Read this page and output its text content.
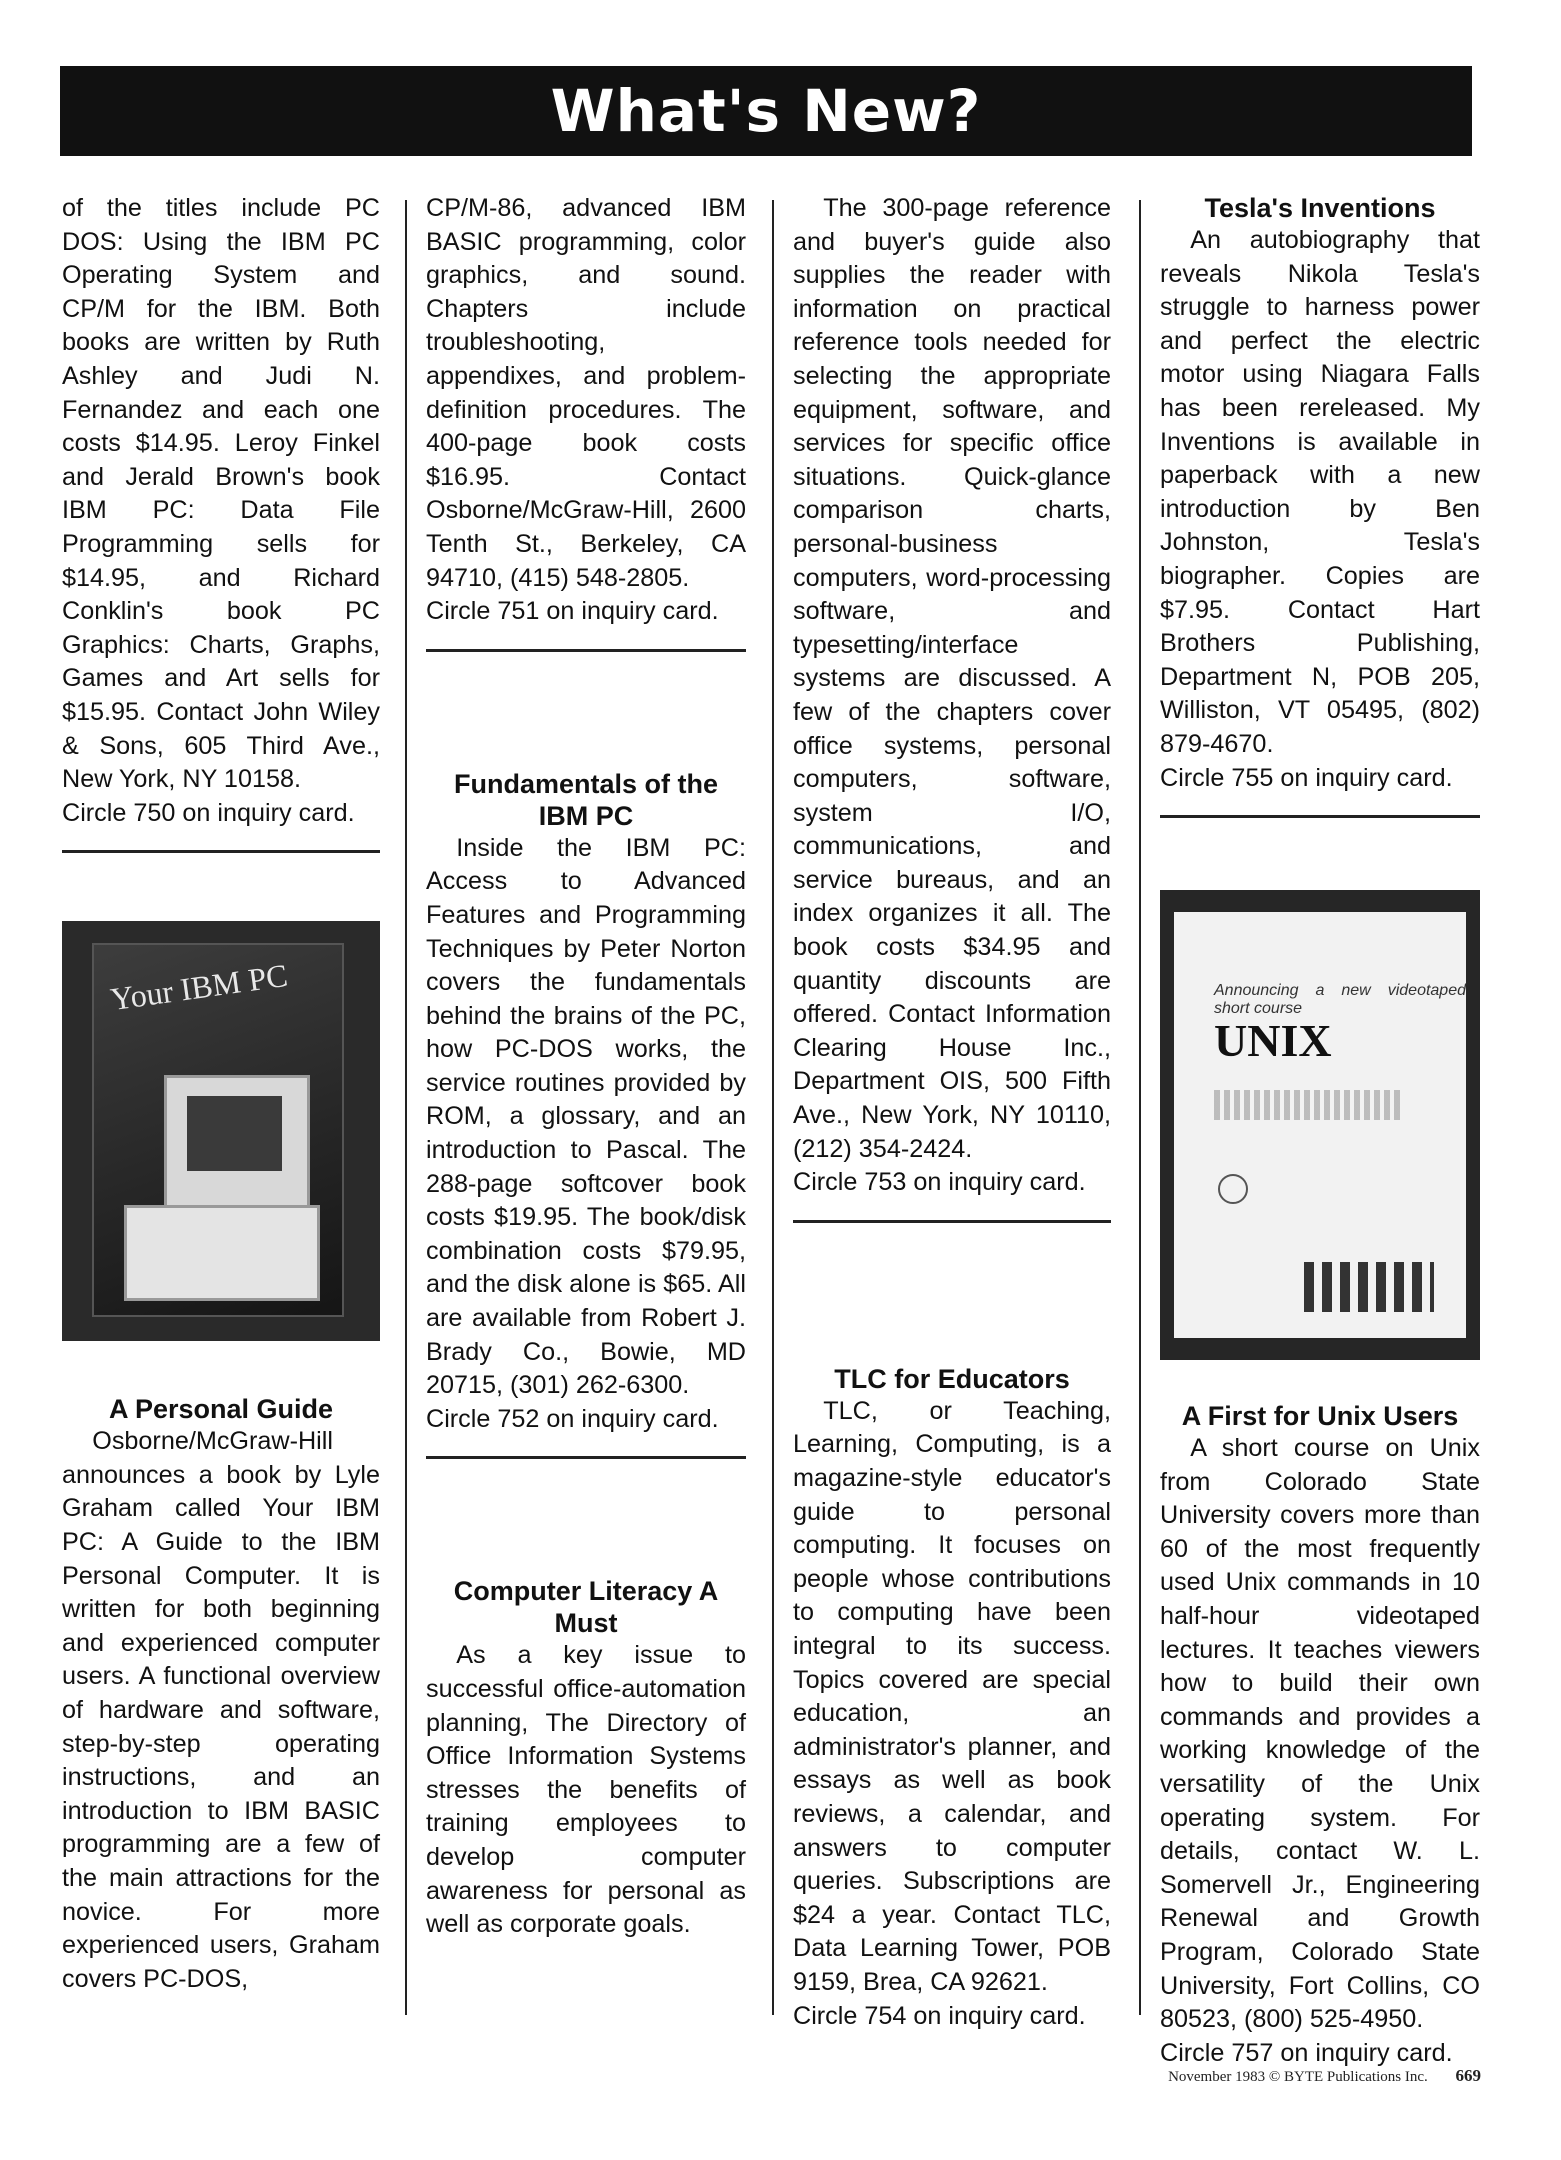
What's New?

of the titles include PC DOS: Using the IBM PC Operating System and CP/M for the IBM. Both books are written by Ruth Ashley and Judi N. Fernandez and each one costs $14.95. Leroy Finkel and Jerald Brown's book IBM PC: Data File Programming sells for $14.95, and Richard Conklin's book PC Graphics: Charts, Graphs, Games and Art sells for $15.95. Contact John Wiley & Sons, 605 Third Ave., New York, NY 10158.

Circle 750 on inquiry card.

Your IBM PC

A Personal Guide

Osborne/McGraw-Hill announces a book by Lyle Graham called Your IBM PC: A Guide to the IBM Personal Computer. It is written for both beginning and experienced computer users. A functional overview of hardware and software, step-by-step operating instructions, and an introduction to IBM BASIC programming are a few of the main attractions for the novice. For more experienced users, Graham covers PC-DOS,

CP/M-86, advanced IBM BASIC programming, color graphics, and sound. Chapters include troubleshooting, appendixes, and problem-definition procedures. The 400-page book costs $16.95. Contact Osborne/McGraw-Hill, 2600 Tenth St., Berkeley, CA 94710, (415) 548-2805.

Circle 751 on inquiry card.

Fundamentals of the IBM PC

Inside the IBM PC: Access to Advanced Features and Programming Techniques by Peter Norton covers the fundamentals behind the brains of the PC, how PC-DOS works, the service routines provided by ROM, a glossary, and an introduction to Pascal. The 288-page softcover book costs $19.95. The book/disk combination costs $79.95, and the disk alone is $65. All are available from Robert J. Brady Co., Bowie, MD 20715, (301) 262-6300.

Circle 752 on inquiry card.

Computer Literacy A Must

As a key issue to successful office-automation planning, The Directory of Office Information Systems stresses the benefits of training employees to develop computer awareness for personal as well as corporate goals.

The 300-page reference and buyer's guide also supplies the reader with information on practical reference tools needed for selecting the appropriate equipment, software, and services for specific office situations. Quick-glance comparison charts, personal-business computers, word-processing software, and typesetting/interface systems are discussed. A few of the chapters cover office systems, personal computers, software, system I/O, communications, and service bureaus, and an index organizes it all. The book costs $34.95 and quantity discounts are offered. Contact Information Clearing House Inc., Department OIS, 500 Fifth Ave., New York, NY 10110, (212) 354-2424.

Circle 753 on inquiry card.

TLC for Educators

TLC, or Teaching, Learning, Computing, is a magazine-style educator's guide to personal computing. It focuses on people whose contributions to computing have been integral to its success. Topics covered are special education, an administrator's planner, and essays as well as book reviews, a calendar, and answers to computer queries. Subscriptions are $24 a year. Contact TLC, Data Learning Tower, POB 9159, Brea, CA 92621.

Circle 754 on inquiry card.

Tesla's Inventions

An autobiography that reveals Nikola Tesla's struggle to harness power and perfect the electric motor using Niagara Falls has been rereleased. My Inventions is available in paperback with a new introduction by Ben Johnston, Tesla's biographer. Copies are $7.95. Contact Hart Brothers Publishing, Department N, POB 205, Williston, VT 05495, (802) 879-4670.

Circle 755 on inquiry card.

Announcing a new videotaped short course
UNIX

A First for Unix Users

A short course on Unix from Colorado State University covers more than 60 of the most frequently used Unix commands in 10 half-hour videotaped lectures. It teaches viewers how to build their own commands and provides a working knowledge of the versatility of the Unix operating system. For details, contact W. L. Somervell Jr., Engineering Renewal and Growth Program, Colorado State University, Fort Collins, CO 80523, (800) 525-4950.

Circle 757 on inquiry card.

November 1983 © BYTE Publications Inc. 669
